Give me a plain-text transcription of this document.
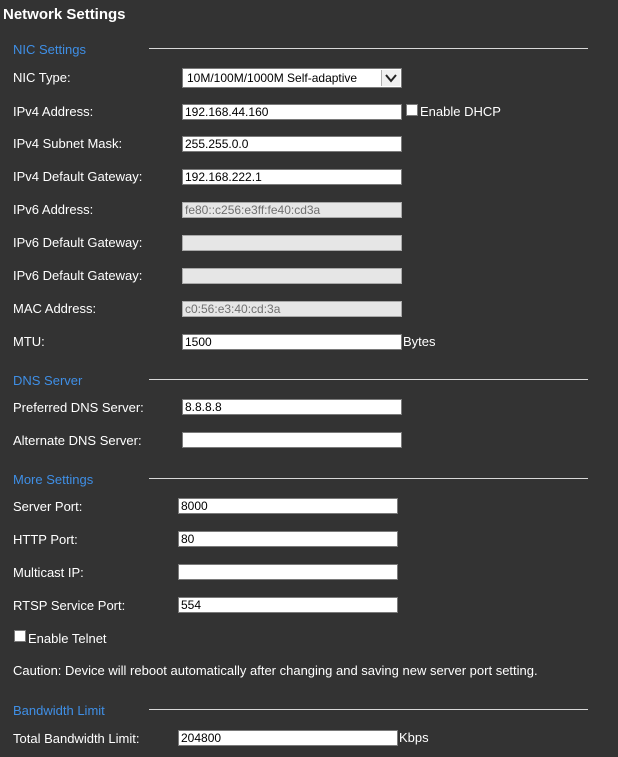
Network Settings
NIC Settings
NIC Type:	10M/100M/1000M Self-adaptive
IPv4 Address:	192.168.44.160	Enable DHCP
IPv4 Subnet Mask:	255.255.0.0
IPv4 Default Gateway:	192.168.222.1
IPv6 Address:	fe80::c256:e3ff:fe40:cd3a
IPv6 Default Gateway:
IPv6 Default Gateway:
MAC Address:	c0:56:e3:40:cd:3a
MTU:	1500	Bytes
DNS Server
Preferred DNS Server:	8.8.8.8
Alternate DNS Server:
More Settings
Server Port:	8000
HTTP Port:	80
Multicast IP:
RTSP Service Port:	554
Enable Telnet
Caution: Device will reboot automatically after changing and saving new server port setting.
Bandwidth Limit
Total Bandwidth Limit:	204800	Kbps
